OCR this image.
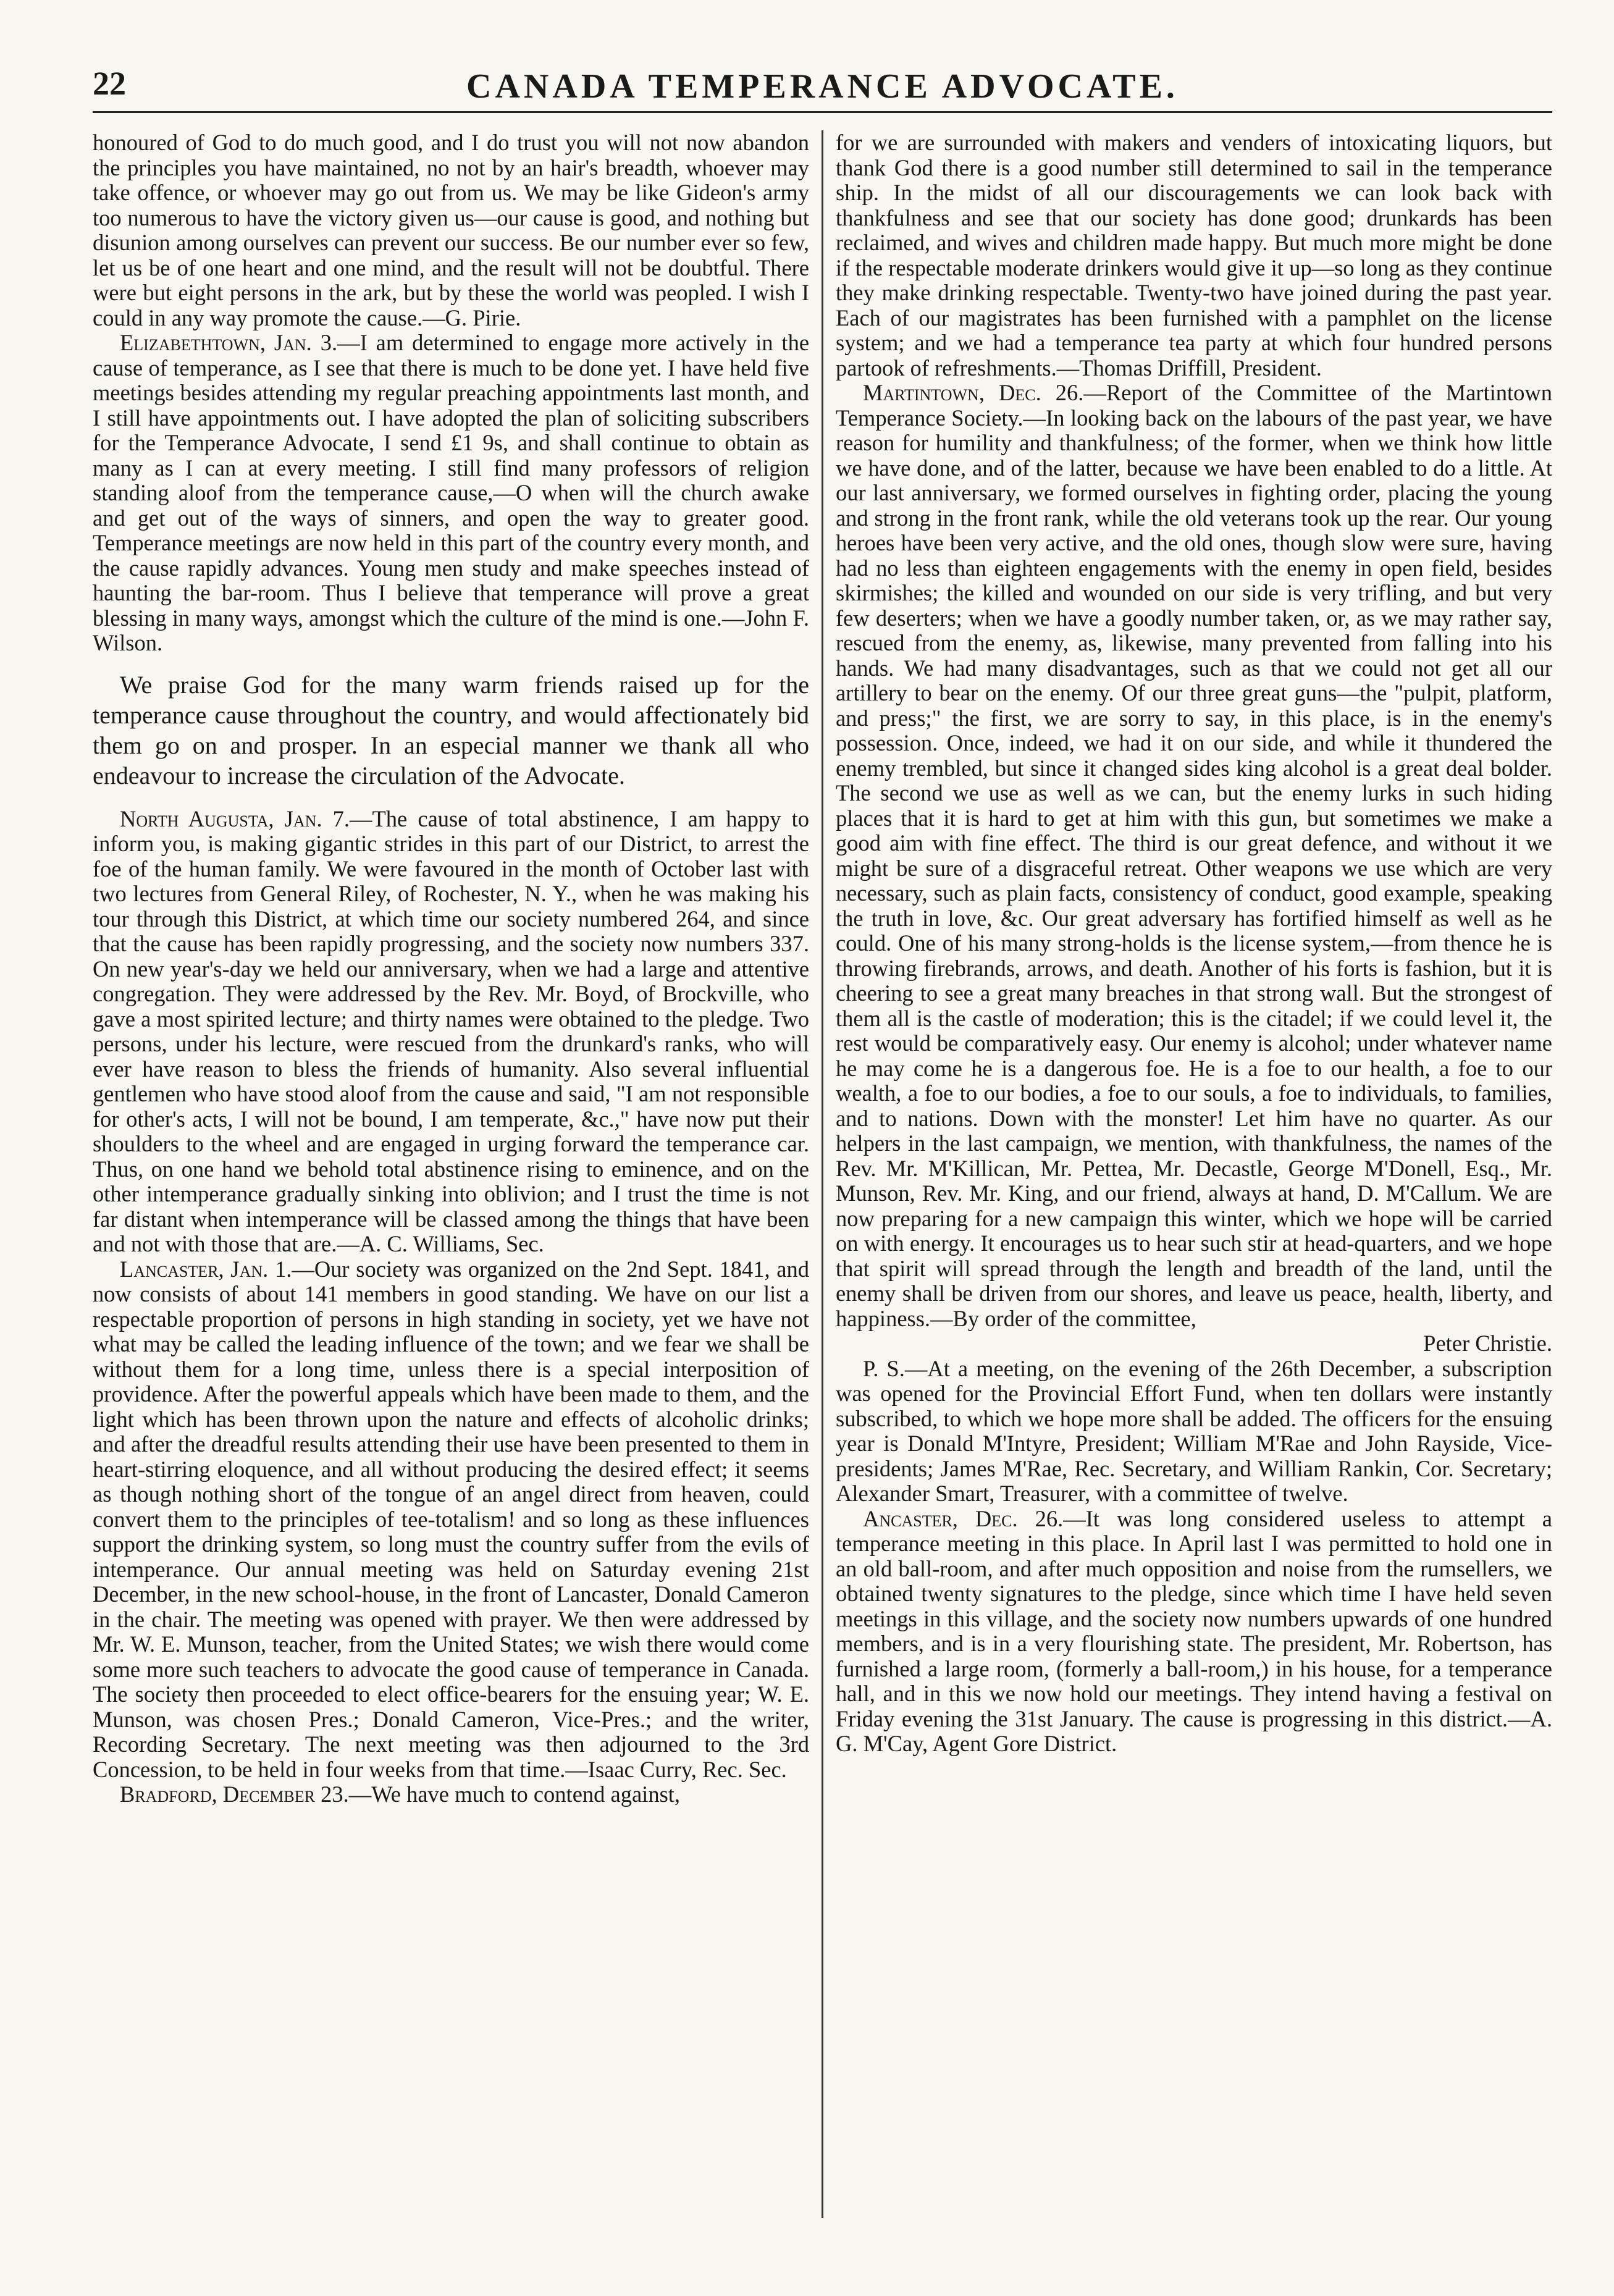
22	CANADA TEMPERANCE ADVOCATE.

honoured of God to do much good, and I do trust you will not now abandon the principles you have maintained, no not by an hair's breadth, whoever may take offence, or whoever may go out from us. We may be like Gideon's army too numerous to have the victory given us—our cause is good, and nothing but disunion among ourselves can prevent our success. Be our number ever so few, let us be of one heart and one mind, and the result will not be doubtful. There were but eight persons in the ark, but by these the world was peopled. I wish I could in any way promote the cause.—G. Pirie.

Elizabethtown, Jan. 3.—I am determined to engage more actively in the cause of temperance, as I see that there is much to be done yet. I have held five meetings besides attending my regular preaching appointments last month, and I still have appointments out. I have adopted the plan of soliciting subscribers for the Temperance Advocate, I send £1 9s, and shall continue to obtain as many as I can at every meeting. I still find many professors of religion standing aloof from the temperance cause,—O when will the church awake and get out of the ways of sinners, and open the way to greater good. Temperance meetings are now held in this part of the country every month, and the cause rapidly advances. Young men study and make speeches instead of haunting the bar-room. Thus I believe that temperance will prove a great blessing in many ways, amongst which the culture of the mind is one.—John F. Wilson.

We praise God for the many warm friends raised up for the temperance cause throughout the country, and would affectionately bid them go on and prosper. In an especial manner we thank all who endeavour to increase the circulation of the Advocate.

North Augusta, Jan. 7.—The cause of total abstinence, I am happy to inform you, is making gigantic strides in this part of our District, to arrest the foe of the human family. We were favoured in the month of October last with two lectures from General Riley, of Rochester, N. Y., when he was making his tour through this District, at which time our society numbered 264, and since that the cause has been rapidly progressing, and the society now numbers 337. On new year's-day we held our anniversary, when we had a large and attentive congregation. They were addressed by the Rev. Mr. Boyd, of Brockville, who gave a most spirited lecture; and thirty names were obtained to the pledge. Two persons, under his lecture, were rescued from the drunkard's ranks, who will ever have reason to bless the friends of humanity. Also several influential gentlemen who have stood aloof from the cause and said, "I am not responsible for other's acts, I will not be bound, I am temperate, &c.," have now put their shoulders to the wheel and are engaged in urging forward the temperance car. Thus, on one hand we behold total abstinence rising to eminence, and on the other intemperance gradually sinking into oblivion; and I trust the time is not far distant when intemperance will be classed among the things that have been and not with those that are.—A. C. Williams, Sec.

Lancaster, Jan. 1.—Our society was organized on the 2nd Sept. 1841, and now consists of about 141 members in good standing. We have on our list a respectable proportion of persons in high standing in society, yet we have not what may be called the leading influence of the town; and we fear we shall be without them for a long time, unless there is a special interposition of providence. After the powerful appeals which have been made to them, and the light which has been thrown upon the nature and effects of alcoholic drinks; and after the dreadful results attending their use have been presented to them in heart-stirring eloquence, and all without producing the desired effect; it seems as though nothing short of the tongue of an angel direct from heaven, could convert them to the principles of tee-totalism! and so long as these influences support the drinking system, so long must the country suffer from the evils of intemperance. Our annual meeting was held on Saturday evening 21st December, in the new school-house, in the front of Lancaster, Donald Cameron in the chair. The meeting was opened with prayer. We then were addressed by Mr. W. E. Munson, teacher, from the United States; we wish there would come some more such teachers to advocate the good cause of temperance in Canada. The society then proceeded to elect office-bearers for the ensuing year; W. E. Munson, was chosen Pres.; Donald Cameron, Vice-Pres.; and the writer, Recording Secretary. The next meeting was then adjourned to the 3rd Concession, to be held in four weeks from that time.—Isaac Curry, Rec. Sec.

Bradford, December 23.—We have much to contend against,

for we are surrounded with makers and venders of intoxicating liquors, but thank God there is a good number still determined to sail in the temperance ship. In the midst of all our discouragements we can look back with thankfulness and see that our society has done good; drunkards has been reclaimed, and wives and children made happy. But much more might be done if the respectable moderate drinkers would give it up—so long as they continue they make drinking respectable. Twenty-two have joined during the past year. Each of our magistrates has been furnished with a pamphlet on the license system; and we had a temperance tea party at which four hundred persons partook of refreshments.—Thomas Driffill, President.

Martintown, Dec. 26.—Report of the Committee of the Martintown Temperance Society.—In looking back on the labours of the past year, we have reason for humility and thankfulness; of the former, when we think how little we have done, and of the latter, because we have been enabled to do a little. At our last anniversary, we formed ourselves in fighting order, placing the young and strong in the front rank, while the old veterans took up the rear. Our young heroes have been very active, and the old ones, though slow were sure, having had no less than eighteen engagements with the enemy in open field, besides skirmishes; the killed and wounded on our side is very trifling, and but very few deserters; when we have a goodly number taken, or, as we may rather say, rescued from the enemy, as, likewise, many prevented from falling into his hands. We had many disadvantages, such as that we could not get all our artillery to bear on the enemy. Of our three great guns—the "pulpit, platform, and press;" the first, we are sorry to say, in this place, is in the enemy's possession. Once, indeed, we had it on our side, and while it thundered the enemy trembled, but since it changed sides king alcohol is a great deal bolder. The second we use as well as we can, but the enemy lurks in such hiding places that it is hard to get at him with this gun, but sometimes we make a good aim with fine effect. The third is our great defence, and without it we might be sure of a disgraceful retreat. Other weapons we use which are very necessary, such as plain facts, consistency of conduct, good example, speaking the truth in love, &c. Our great adversary has fortified himself as well as he could. One of his many strong-holds is the license system,—from thence he is throwing firebrands, arrows, and death. Another of his forts is fashion, but it is cheering to see a great many breaches in that strong wall. But the strongest of them all is the castle of moderation; this is the citadel; if we could level it, the rest would be comparatively easy. Our enemy is alcohol; under whatever name he may come he is a dangerous foe. He is a foe to our health, a foe to our wealth, a foe to our bodies, a foe to our souls, a foe to individuals, to families, and to nations. Down with the monster! Let him have no quarter. As our helpers in the last campaign, we mention, with thankfulness, the names of the Rev. Mr. M'Killican, Mr. Pettea, Mr. Decastle, George M'Donell, Esq., Mr. Munson, Rev. Mr. King, and our friend, always at hand, D. M'Callum. We are now preparing for a new campaign this winter, which we hope will be carried on with energy. It encourages us to hear such stir at head-quarters, and we hope that spirit will spread through the length and breadth of the land, until the enemy shall be driven from our shores, and leave us peace, health, liberty, and happiness.—By order of the committee,

Peter Christie.

P. S.—At a meeting, on the evening of the 26th December, a subscription was opened for the Provincial Effort Fund, when ten dollars were instantly subscribed, to which we hope more shall be added. The officers for the ensuing year is Donald M'Intyre, President; William M'Rae and John Rayside, Vice-presidents; James M'Rae, Rec. Secretary, and William Rankin, Cor. Secretary; Alexander Smart, Treasurer, with a committee of twelve.

Ancaster, Dec. 26.—It was long considered useless to attempt a temperance meeting in this place. In April last I was permitted to hold one in an old ball-room, and after much opposition and noise from the rumsellers, we obtained twenty signatures to the pledge, since which time I have held seven meetings in this village, and the society now numbers upwards of one hundred members, and is in a very flourishing state. The president, Mr. Robertson, has furnished a large room, (formerly a ball-room,) in his house, for a temperance hall, and in this we now hold our meetings. They intend having a festival on Friday evening the 31st January. The cause is progressing in this district.—A. G. M'Cay, Agent Gore District.
